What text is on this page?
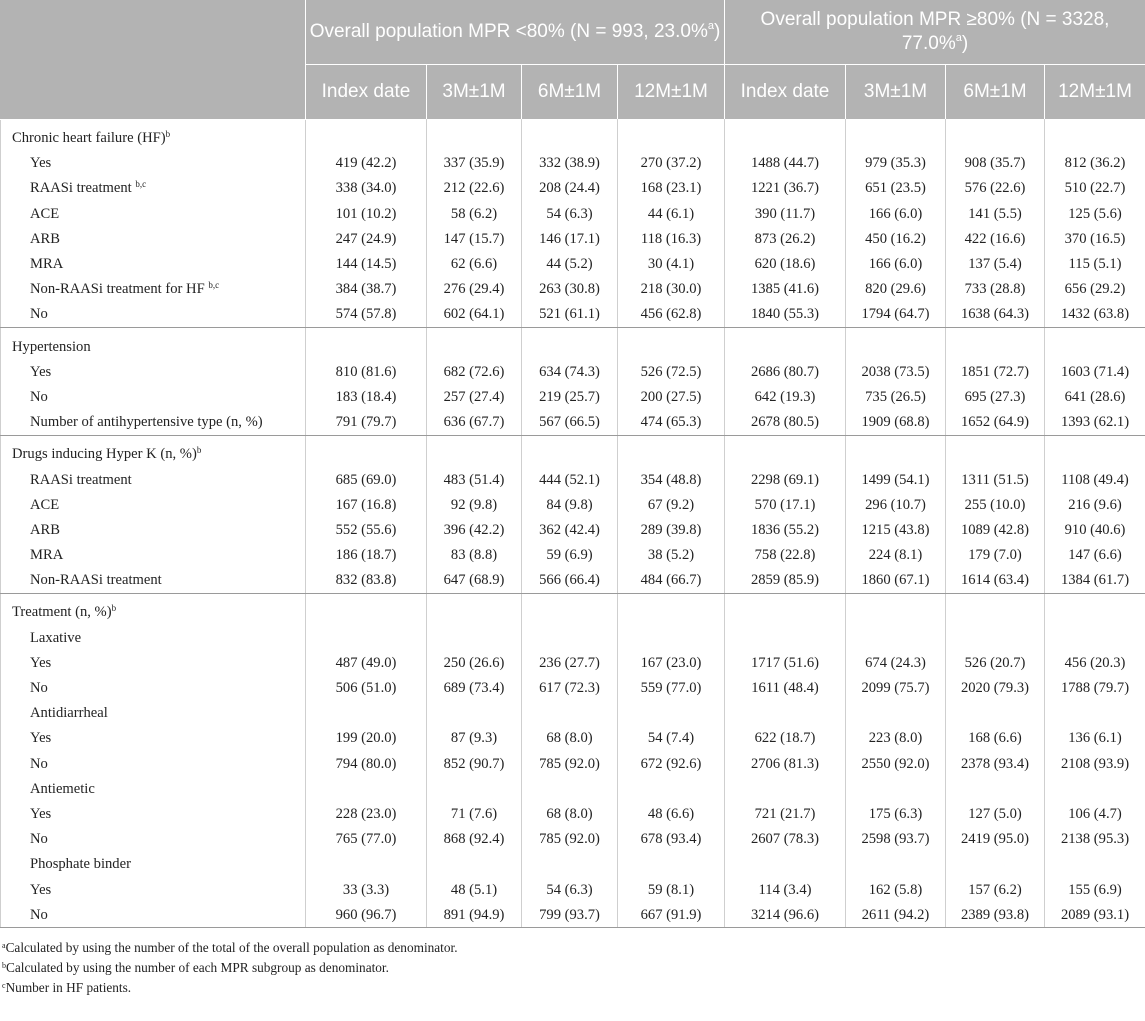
	Overall population MPR <80% (N = 993, 23.0%$^a$)				Overall population MPR ≥80% (N = 3328, 77.0%$^a$)			
	Index date	3M±1M	6M±1M	12M±1M	Index date	3M±1M	6M±1M	12M±1M
Chronic heart failure (HF)$^b$								
Yes	419 (42.2)	337 (35.9)	332 (38.9)	270 (37.2)	1488 (44.7)	979 (35.3)	908 (35.7)	812 (36.2)
RAASi treatment $^{b,c}$	338 (34.0)	212 (22.6)	208 (24.4)	168 (23.1)	1221 (36.7)	651 (23.5)	576 (22.6)	510 (22.7)
ACE	101 (10.2)	58 (6.2)	54 (6.3)	44 (6.1)	390 (11.7)	166 (6.0)	141 (5.5)	125 (5.6)
ARB	247 (24.9)	147 (15.7)	146 (17.1)	118 (16.3)	873 (26.2)	450 (16.2)	422 (16.6)	370 (16.5)
MRA	144 (14.5)	62 (6.6)	44 (5.2)	30 (4.1)	620 (18.6)	166 (6.0)	137 (5.4)	115 (5.1)
Non-RAASi treatment for HF $^{b,c}$	384 (38.7)	276 (29.4)	263 (30.8)	218 (30.0)	1385 (41.6)	820 (29.6)	733 (28.8)	656 (29.2)
No	574 (57.8)	602 (64.1)	521 (61.1)	456 (62.8)	1840 (55.3)	1794 (64.7)	1638 (64.3)	1432 (63.8)
Hypertension								
Yes	810 (81.6)	682 (72.6)	634 (74.3)	526 (72.5)	2686 (80.7)	2038 (73.5)	1851 (72.7)	1603 (71.4)
No	183 (18.4)	257 (27.4)	219 (25.7)	200 (27.5)	642 (19.3)	735 (26.5)	695 (27.3)	641 (28.6)
Number of antihypertensive type (n, %)	791 (79.7)	636 (67.7)	567 (66.5)	474 (65.3)	2678 (80.5)	1909 (68.8)	1652 (64.9)	1393 (62.1)
Drugs inducing Hyper K (n, %)$^b$								
RAASi treatment	685 (69.0)	483 (51.4)	444 (52.1)	354 (48.8)	2298 (69.1)	1499 (54.1)	1311 (51.5)	1108 (49.4)
ACE	167 (16.8)	92 (9.8)	84 (9.8)	67 (9.2)	570 (17.1)	296 (10.7)	255 (10.0)	216 (9.6)
ARB	552 (55.6)	396 (42.2)	362 (42.4)	289 (39.8)	1836 (55.2)	1215 (43.8)	1089 (42.8)	910 (40.6)
MRA	186 (18.7)	83 (8.8)	59 (6.9)	38 (5.2)	758 (22.8)	224 (8.1)	179 (7.0)	147 (6.6)
Non-RAASi treatment	832 (83.8)	647 (68.9)	566 (66.4)	484 (66.7)	2859 (85.9)	1860 (67.1)	1614 (63.4)	1384 (61.7)
Treatment (n, %)$^b$								
Laxative								
Yes	487 (49.0)	250 (26.6)	236 (27.7)	167 (23.0)	1717 (51.6)	674 (24.3)	526 (20.7)	456 (20.3)
No	506 (51.0)	689 (73.4)	617 (72.3)	559 (77.0)	1611 (48.4)	2099 (75.7)	2020 (79.3)	1788 (79.7)
Antidiarrheal								
Yes	199 (20.0)	87 (9.3)	68 (8.0)	54 (7.4)	622 (18.7)	223 (8.0)	168 (6.6)	136 (6.1)
No	794 (80.0)	852 (90.7)	785 (92.0)	672 (92.6)	2706 (81.3)	2550 (92.0)	2378 (93.4)	2108 (93.9)
Antiemetic								
Yes	228 (23.0)	71 (7.6)	68 (8.0)	48 (6.6)	721 (21.7)	175 (6.3)	127 (5.0)	106 (4.7)
No	765 (77.0)	868 (92.4)	785 (92.0)	678 (93.4)	2607 (78.3)	2598 (93.7)	2419 (95.0)	2138 (95.3)
Phosphate binder								
Yes	33 (3.3)	48 (5.1)	54 (6.3)	59 (8.1)	114 (3.4)	162 (5.8)	157 (6.2)	155 (6.9)
No	960 (96.7)	891 (94.9)	799 (93.7)	667 (91.9)	3214 (96.6)	2611 (94.2)	2389 (93.8)	2089 (93.1)
$^a$Calculated by using the number of the total of the overall population as denominator.
$^b$Calculated by using the number of each MPR subgroup as denominator.
$^c$Number in HF patients.
